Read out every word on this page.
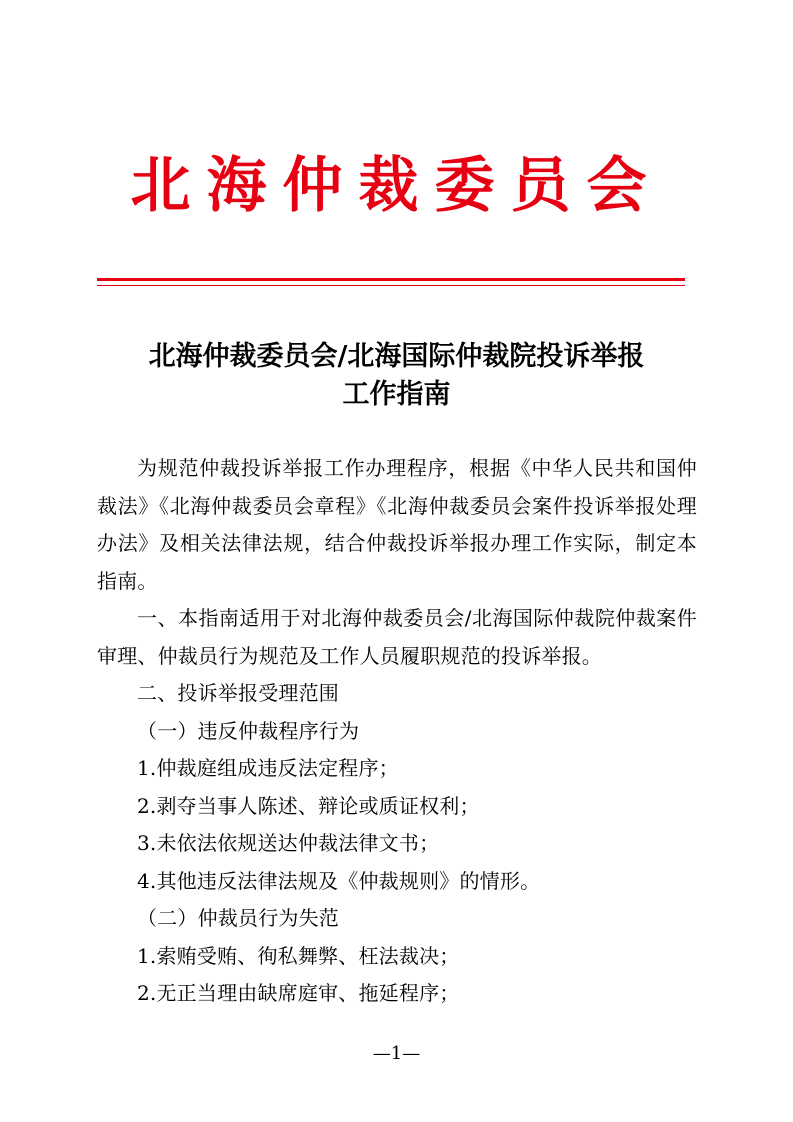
北海仲裁委员会
北海仲裁委员会/北海国际仲裁院投诉举报
工作指南

为规范仲裁投诉举报工作办理程序，根据《中华人民共和国仲裁法》《北海仲裁委员会章程》《北海仲裁委员会案件投诉举报处理办法》及相关法律法规，结合仲裁投诉举报办理工作实际，制定本指南。

一、本指南适用于对北海仲裁委员会/北海国际仲裁院仲裁案件审理、仲裁员行为规范及工作人员履职规范的投诉举报。

二、投诉举报受理范围

（一）违反仲裁程序行为

1.仲裁庭组成违反法定程序；

2.剥夺当事人陈述、辩论或质证权利；

3.未依法依规送达仲裁法律文书；

4.其他违反法律法规及《仲裁规则》的情形。

（二）仲裁员行为失范

1.索贿受贿、徇私舞弊、枉法裁决；

2.无正当理由缺席庭审、拖延程序；

—1—
